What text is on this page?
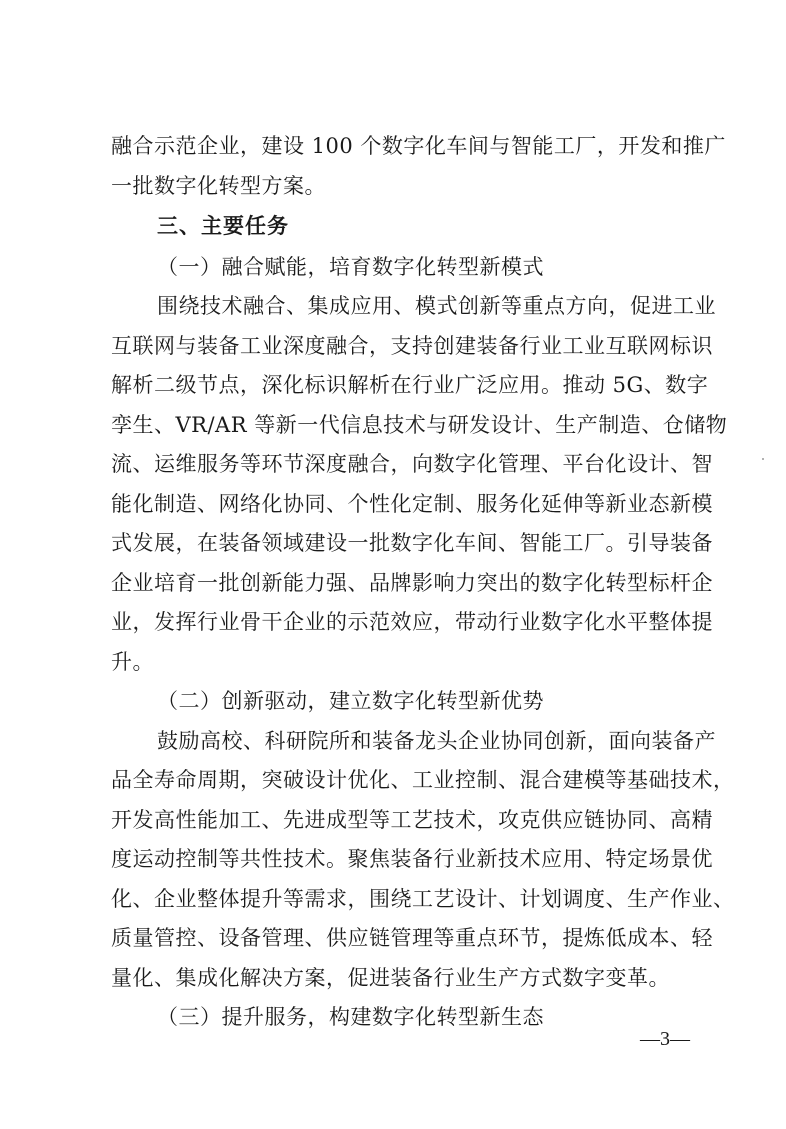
融合示范企业，建设 100 个数字化车间与智能工厂，开发和推广
一批数字化转型方案。
三、主要任务
（一）融合赋能，培育数字化转型新模式
围绕技术融合、集成应用、模式创新等重点方向，促进工业
互联网与装备工业深度融合，支持创建装备行业工业互联网标识
解析二级节点，深化标识解析在行业广泛应用。推动 5G、数字
孪生、VR/AR 等新一代信息技术与研发设计、生产制造、仓储物
流、运维服务等环节深度融合，向数字化管理、平台化设计、智
能化制造、网络化协同、个性化定制、服务化延伸等新业态新模
式发展，在装备领域建设一批数字化车间、智能工厂。引导装备
企业培育一批创新能力强、品牌影响力突出的数字化转型标杆企
业，发挥行业骨干企业的示范效应，带动行业数字化水平整体提
升。
（二）创新驱动，建立数字化转型新优势
鼓励高校、科研院所和装备龙头企业协同创新，面向装备产
品全寿命周期，突破设计优化、工业控制、混合建模等基础技术，
开发高性能加工、先进成型等工艺技术，攻克供应链协同、高精
度运动控制等共性技术。聚焦装备行业新技术应用、特定场景优
化、企业整体提升等需求，围绕工艺设计、计划调度、生产作业、
质量管控、设备管理、供应链管理等重点环节，提炼低成本、轻
量化、集成化解决方案，促进装备行业生产方式数字变革。
（三）提升服务，构建数字化转型新生态
—3—
